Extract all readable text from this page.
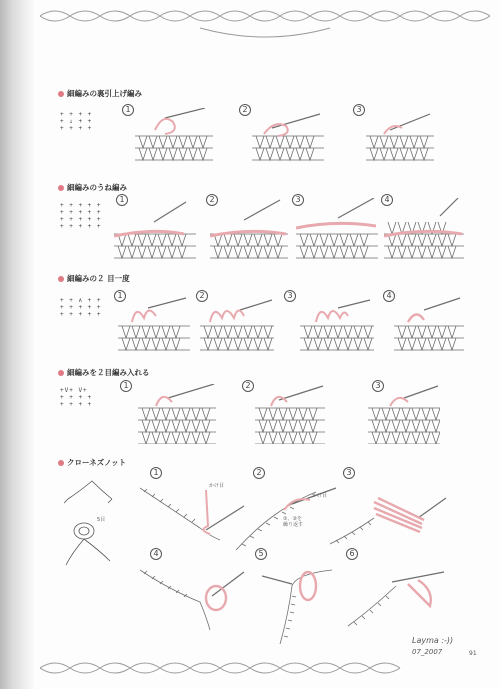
細編みの裏引上げ編み
+ + + +
+ ↓ + +
+ + + +
1	2	3
細編みのうね編み
+ + + + +
+ + + + +
+ + + + +
+ + + + +
1	2	3	4
細編みの２ 目一度
+ + ∧ + +
+ + + + +
+ + + + +
1	2	3	4
細編みを２目編み入れる
+V+ V+
+ + + +
+ + + +
1	2	3
クローネズノット
1	2	3
4	5	6
5目
かけ目
かけ目
②、③を
繰り返す
Layma :-))
07_2007	91
